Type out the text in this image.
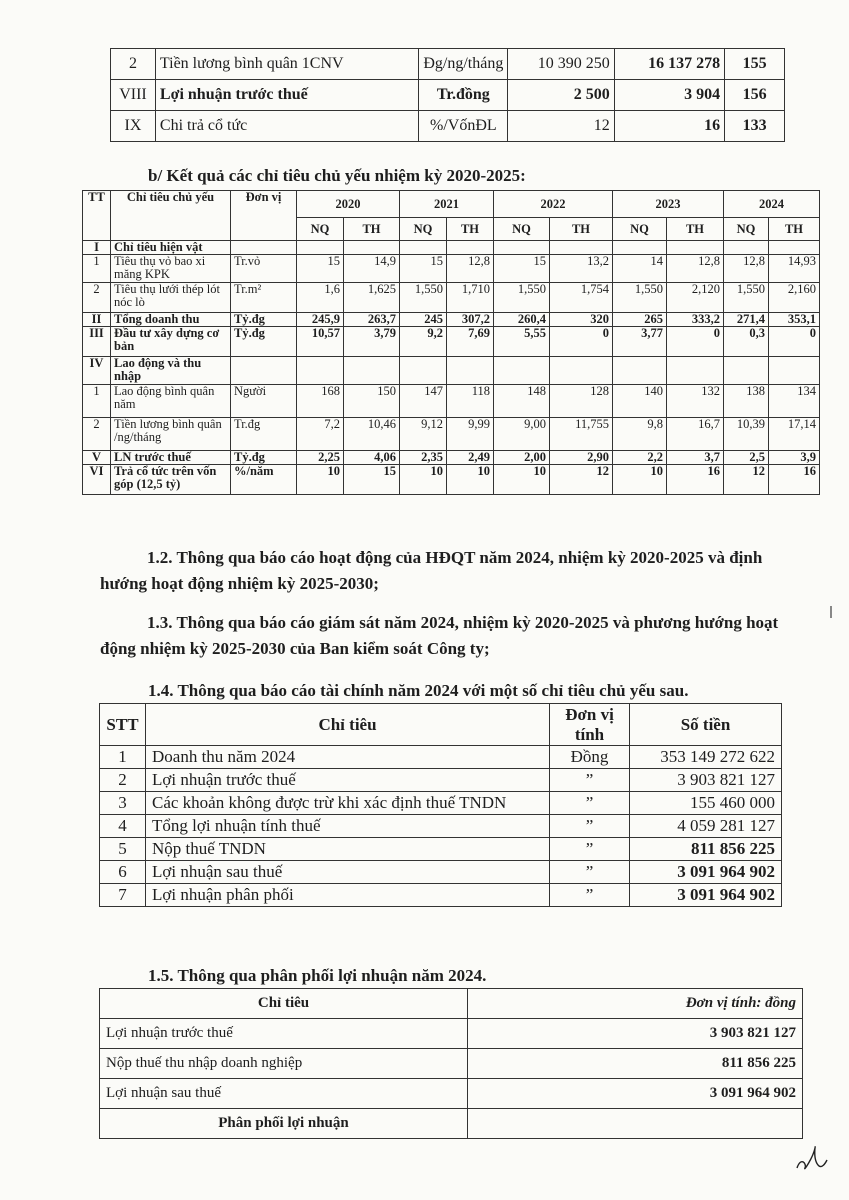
2	Tiền lương bình quân 1CNV	Đg/ng/tháng	10 390 250	16 137 278	155
VIII	Lợi nhuận trước thuế	Tr.đồng	2 500	3 904	156
IX	Chi trả cổ tức	%/VốnĐL	12	16	133
b/ Kết quả các chỉ tiêu chủ yếu nhiệm kỳ 2020-2025:
TT	Chỉ tiêu chủ yếu	Đơn vị	2020		2021		2022		2023		2024	
			NQ	TH	NQ	TH	NQ	TH	NQ	TH	NQ	TH
I	Chỉ tiêu hiện vật											
1	Tiêu thụ vỏ bao xi măng KPK	Tr.vỏ	15	14,9	15	12,8	15	13,2	14	12,8	12,8	14,93
2	Tiêu thụ lưới thép lót nóc lò	Tr.m²	1,6	1,625	1,550	1,710	1,550	1,754	1,550	2,120	1,550	2,160
II	Tổng doanh thu	Tỷ.đg	245,9	263,7	245	307,2	260,4	320	265	333,2	271,4	353,1
III	Đầu tư xây dựng cơ bản	Tỷ.đg	10,57	3,79	9,2	7,69	5,55	0	3,77	0	0,3	0
IV	Lao động và thu nhập											
1	Lao động bình quân năm	Người	168	150	147	118	148	128	140	132	138	134
2	Tiền lương bình quân /ng/tháng	Tr.đg	7,2	10,46	9,12	9,99	9,00	11,755	9,8	16,7	10,39	17,14
V	LN trước thuế	Tỷ.đg	2,25	4,06	2,35	2,49	2,00	2,90	2,2	3,7	2,5	3,9
VI	Trả cổ tức trên vốn góp (12,5 tỷ)	%/năm	10	15	10	10	10	12	10	16	12	16
1.2. Thông qua báo cáo hoạt động của HĐQT năm 2024, nhiệm kỳ 2020-2025 và định hướng hoạt động nhiệm kỳ 2025-2030;
1.3. Thông qua báo cáo giám sát năm 2024, nhiệm kỳ 2020-2025 và phương hướng hoạt động nhiệm kỳ 2025-2030 của Ban kiểm soát Công ty;
1.4. Thông qua báo cáo tài chính năm 2024 với một số chỉ tiêu chủ yếu sau.
STT	Chỉ tiêu	Đơn vị tính	Số tiền
1	Doanh thu năm 2024	Đồng	353 149 272 622
2	Lợi nhuận trước thuế	”	3 903 821 127
3	Các khoản không được trừ khi xác định thuế TNDN	”	155 460 000
4	Tổng lợi nhuận tính thuế	”	4 059 281 127
5	Nộp thuế TNDN	”	811 856 225
6	Lợi nhuận sau thuế	”	3 091 964 902
7	Lợi nhuận phân phối	”	3 091 964 902
1.5. Thông qua phân phối lợi nhuận năm 2024.
Chỉ tiêu	Đơn vị tính: đồng
Lợi nhuận trước thuế	3 903 821 127
Nộp thuế thu nhập doanh nghiệp	811 856 225
Lợi nhuận sau thuế	3 091 964 902
Phân phối lợi nhuận	
